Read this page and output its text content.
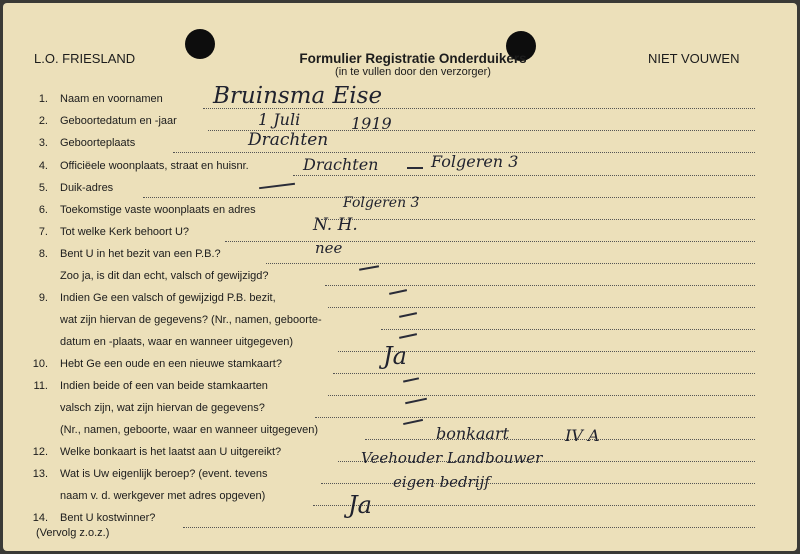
L.O. FRIESLAND	Formulier Registratie Onderduikers
(in te vullen door den verzorger)
NIET VOUWEN
1. Naam en voornamen Bruinsma Eise
2. Geboortedatum en -jaar	1 Juli	1919
3. Geboorteplaats	Drachten
4. Officiëele woonplaats, straat en huisnr.	Drachten	Folgeren 3
5. Duik-adres
6. Toekomstige vaste woonplaats en adres	Folgeren 3
7. Tot welke Kerk behoort U?	N. H.
8. Bent U in het bezit van een P.B.?	nee
Zoo ja, is dit dan echt, valsch of gewijzigd?
9. Indien Ge een valsch of gewijzigd P.B. bezit,
wat zijn hiervan de gegevens? (Nr., namen, geboorte-
datum en -plaats, waar en wanneer uitgegeven)
10. Hebt Ge een oude en een nieuwe stamkaart?	Ja
11. Indien beide of een van beide stamkaarten
valsch zijn, wat zijn hiervan de gegevens?
(Nr., namen, geboorte, waar en wanneer uitgegeven)
12. Welke bonkaart is het laatst aan U uitgereikt?
bonkaart	IV A
13. Wat is Uw eigenlijk beroep? (event. tevens
Veehouder Landbouwer
naam v. d. werkgever met adres opgeven)
eigen bedrijf
14. Bent U kostwinner?	Ja
(Vervolg z.o.z.)
